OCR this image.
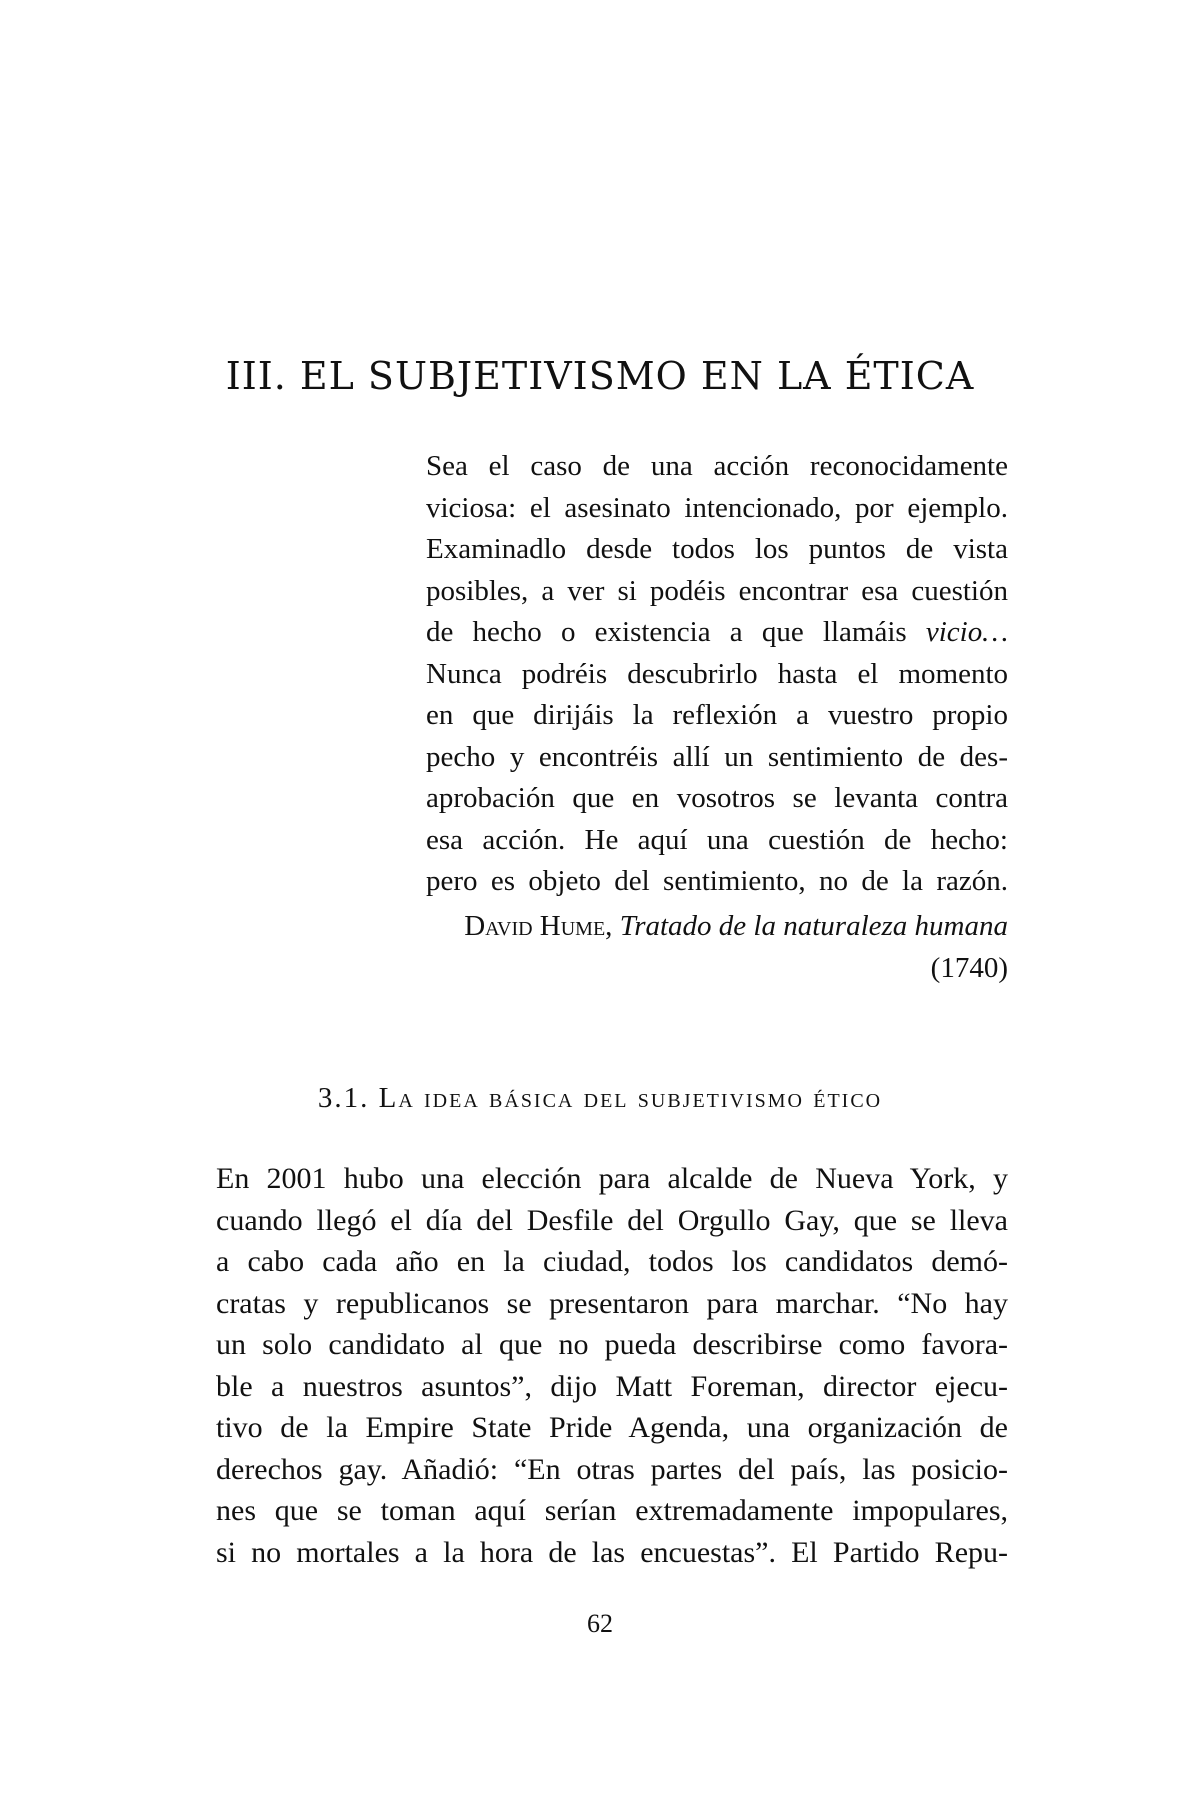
III. EL SUBJETIVISMO EN LA ÉTICA
Sea el caso de una acción reconocidamente
viciosa: el asesinato intencionado, por ejemplo.
Examinadlo desde todos los puntos de vista
posibles, a ver si podéis encontrar esa cuestión
de hecho o existencia a que llamáis vicio…
Nunca podréis descubrirlo hasta el momento
en que dirijáis la reflexión a vuestro propio
pecho y encontréis allí un sentimiento de des-
aprobación que en vosotros se levanta contra
esa acción. He aquí una cuestión de hecho:
pero es objeto del sentimiento, no de la razón.
David Hume, Tratado de la naturaleza humana
(1740)
3.1. La idea básica del subjetivismo ético
En 2001 hubo una elección para alcalde de Nueva York, y
cuando llegó el día del Desfile del Orgullo Gay, que se lleva
a cabo cada año en la ciudad, todos los candidatos demó-
cratas y republicanos se presentaron para marchar. “No hay
un solo candidato al que no pueda describirse como favora-
ble a nuestros asuntos”, dijo Matt Foreman, director ejecu-
tivo de la Empire State Pride Agenda, una organización de
derechos gay. Añadió: “En otras partes del país, las posicio-
nes que se toman aquí serían extremadamente impopulares,
si no mortales a la hora de las encuestas”. El Partido Repu-
62
